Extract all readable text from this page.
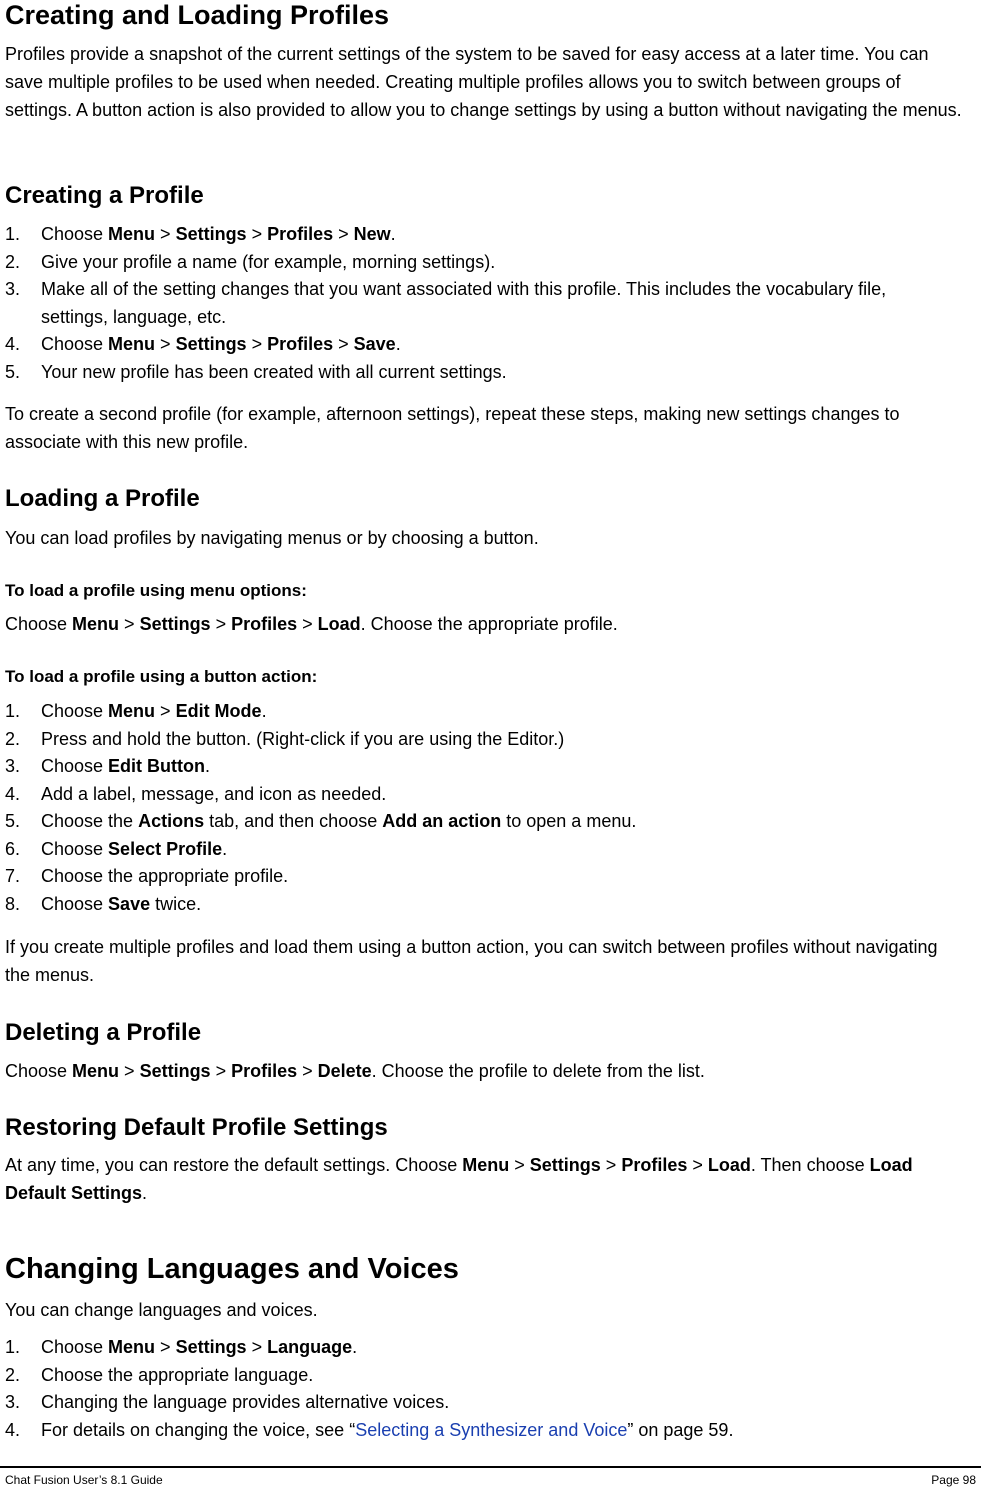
Creating and Loading Profiles

Profiles provide a snapshot of the current settings of the system to be saved for easy access at a later time. You can save multiple profiles to be used when needed. Creating multiple profiles allows you to switch between groups of settings. A button action is also provided to allow you to change settings by using a button without navigating the menus.

Creating a Profile
1. Choose Menu > Settings > Profiles > New.
2. Give your profile a name (for example, morning settings).
3. Make all of the setting changes that you want associated with this profile. This includes the vocabulary file, settings, language, etc.
4. Choose Menu > Settings > Profiles > Save.
5. Your new profile has been created with all current settings.

To create a second profile (for example, afternoon settings), repeat these steps, making new settings changes to associate with this new profile.

Loading a Profile

You can load profiles by navigating menus or by choosing a button.

To load a profile using menu options:

Choose Menu > Settings > Profiles > Load. Choose the appropriate profile.

To load a profile using a button action:
1. Choose Menu > Edit Mode.
2. Press and hold the button. (Right-click if you are using the Editor.)
3. Choose Edit Button.
4. Add a label, message, and icon as needed.
5. Choose the Actions tab, and then choose Add an action to open a menu.
6. Choose Select Profile.
7. Choose the appropriate profile.
8. Choose Save twice.

If you create multiple profiles and load them using a button action, you can switch between profiles without navigating the menus.

Deleting a Profile

Choose Menu > Settings > Profiles > Delete. Choose the profile to delete from the list.

Restoring Default Profile Settings

At any time, you can restore the default settings. Choose Menu > Settings > Profiles > Load. Then choose Load Default Settings.

Changing Languages and Voices

You can change languages and voices.

1. Choose Menu > Settings > Language.
2. Choose the appropriate language.
3. Changing the language provides alternative voices.
4. For details on changing the voice, see “Selecting a Synthesizer and Voice” on page 59.
Chat Fusion User’s 8.1 Guide	Page 98
